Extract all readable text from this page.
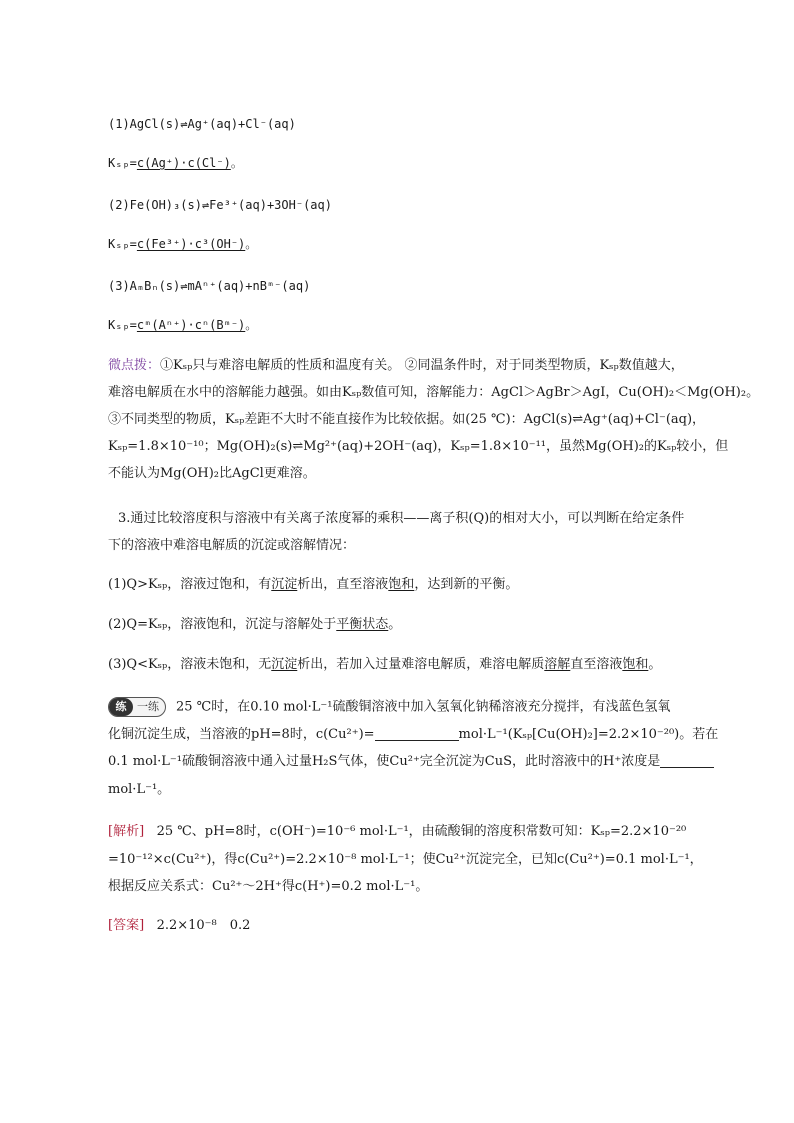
(1)AgCl(s)⇌Ag⁺(aq)+Cl⁻(aq)
Kₛₚ=c(Ag⁺)·c(Cl⁻)。
(2)Fe(OH)₃(s)⇌Fe³⁺(aq)+3OH⁻(aq)
Kₛₚ=c(Fe³⁺)·c³(OH⁻)。
(3)AₘBₙ(s)⇌mAⁿ⁺(aq)+nBᵐ⁻(aq)
Kₛₚ=cᵐ(Aⁿ⁺)·cⁿ(Bᵐ⁻)。
微点拨：①Kₛₚ只与难溶电解质的性质和温度有关。 ②同温条件时，对于同类型物质，Kₛₚ数值越大，
难溶电解质在水中的溶解能力越强。如由Kₛₚ数值可知，溶解能力：AgCl＞AgBr＞AgI，Cu(OH)₂＜Mg(OH)₂。
③不同类型的物质，Kₛₚ差距不大时不能直接作为比较依据。如(25 ℃)：AgCl(s)⇌Ag⁺(aq)+Cl⁻(aq)，
Kₛₚ=1.8×10⁻¹⁰；Mg(OH)₂(s)⇌Mg²⁺(aq)+2OH⁻(aq)，Kₛₚ=1.8×10⁻¹¹，虽然Mg(OH)₂的Kₛₚ较小，但
不能认为Mg(OH)₂比AgCl更难溶。
3.通过比较溶度积与溶液中有关离子浓度幂的乘积——离子积(Q)的相对大小，可以判断在给定条件
下的溶液中难溶电解质的沉淀或溶解情况：
(1)Q>Kₛₚ，溶液过饱和，有沉淀析出，直至溶液饱和，达到新的平衡。
(2)Q=Kₛₚ，溶液饱和，沉淀与溶解处于平衡状态。
(3)Q<Kₛₚ，溶液未饱和，无沉淀析出，若加入过量难溶电解质，难溶电解质溶解直至溶液饱和。
练 一练 25 ℃时，在0.10 mol·L⁻¹硫酸铜溶液中加入氢氧化钠稀溶液充分搅拌，有浅蓝色氢氧
化铜沉淀生成，当溶液的pH=8时，c(Cu²⁺)=	mol·L⁻¹(Kₛₚ[Cu(OH)₂]=2.2×10⁻²⁰)。若在
0.1 mol·L⁻¹硫酸铜溶液中通入过量H₂S气体，使Cu²⁺完全沉淀为CuS，此时溶液中的H⁺浓度是
mol·L⁻¹。
[解析] 25 ℃、pH=8时，c(OH⁻)=10⁻⁶ mol·L⁻¹，由硫酸铜的溶度积常数可知：Kₛₚ=2.2×10⁻²⁰
=10⁻¹²×c(Cu²⁺)，得c(Cu²⁺)=2.2×10⁻⁸ mol·L⁻¹；使Cu²⁺沉淀完全，已知c(Cu²⁺)=0.1 mol·L⁻¹，
根据反应关系式：Cu²⁺～2H⁺得c(H⁺)=0.2 mol·L⁻¹。
[答案] 2.2×10⁻⁸　0.2
